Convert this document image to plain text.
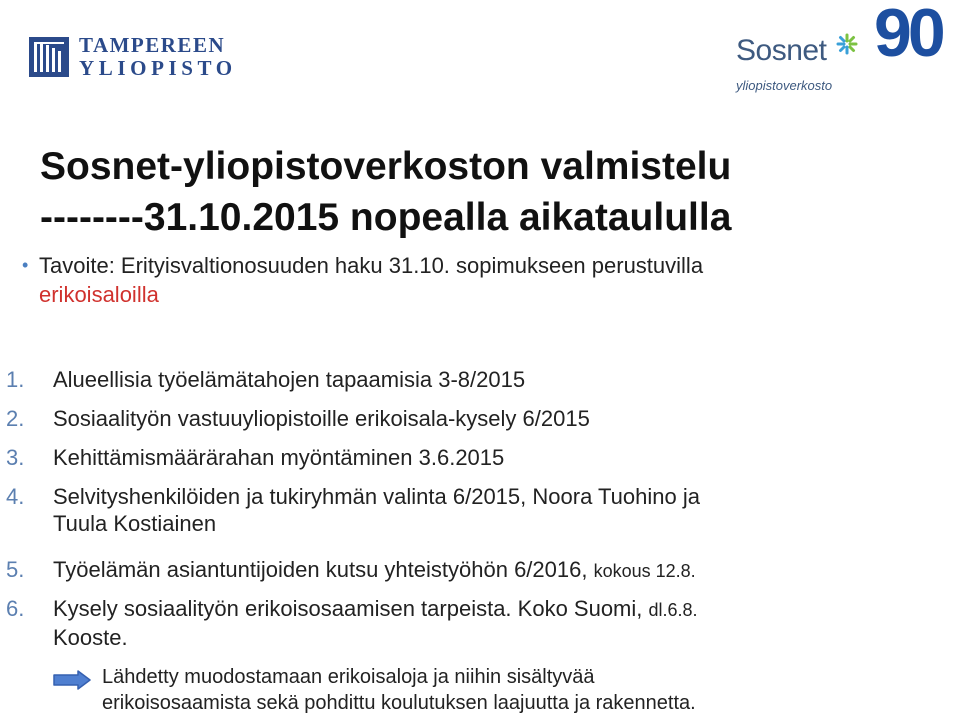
TAMPEREEN
YLIOPISTO
Sosnet
yliopistoverkosto
90
Sosnet-yliopistoverkoston valmistelu
--------31.10.2015 nopealla aikataululla
• Tavoite: Erityisvaltionosuuden haku 31.10. sopimukseen perustuvilla
erikoisaloilla
1.	Alueellisia työelämätahojen tapaamisia 3-8/2015
2.	Sosiaalityön vastuuyliopistoille erikoisala-kysely 6/2015
3.	Kehittämismäärärahan myöntäminen 3.6.2015
4.	Selvityshenkilöiden ja tukiryhmän valinta 6/2015, Noora Tuohino ja
Tuula Kostiainen
5.	Työelämän asiantuntijoiden kutsu yhteistyöhön 6/2016, kokous 12.8.
6.	Kysely sosiaalityön erikoisosaamisen tarpeista. Koko Suomi, dl.6.8.
Kooste.
Lähdetty muodostamaan erikoisaloja ja niihin sisältyvää
erikoisosaamista sekä pohdittu koulutuksen laajuutta ja rakennetta.
